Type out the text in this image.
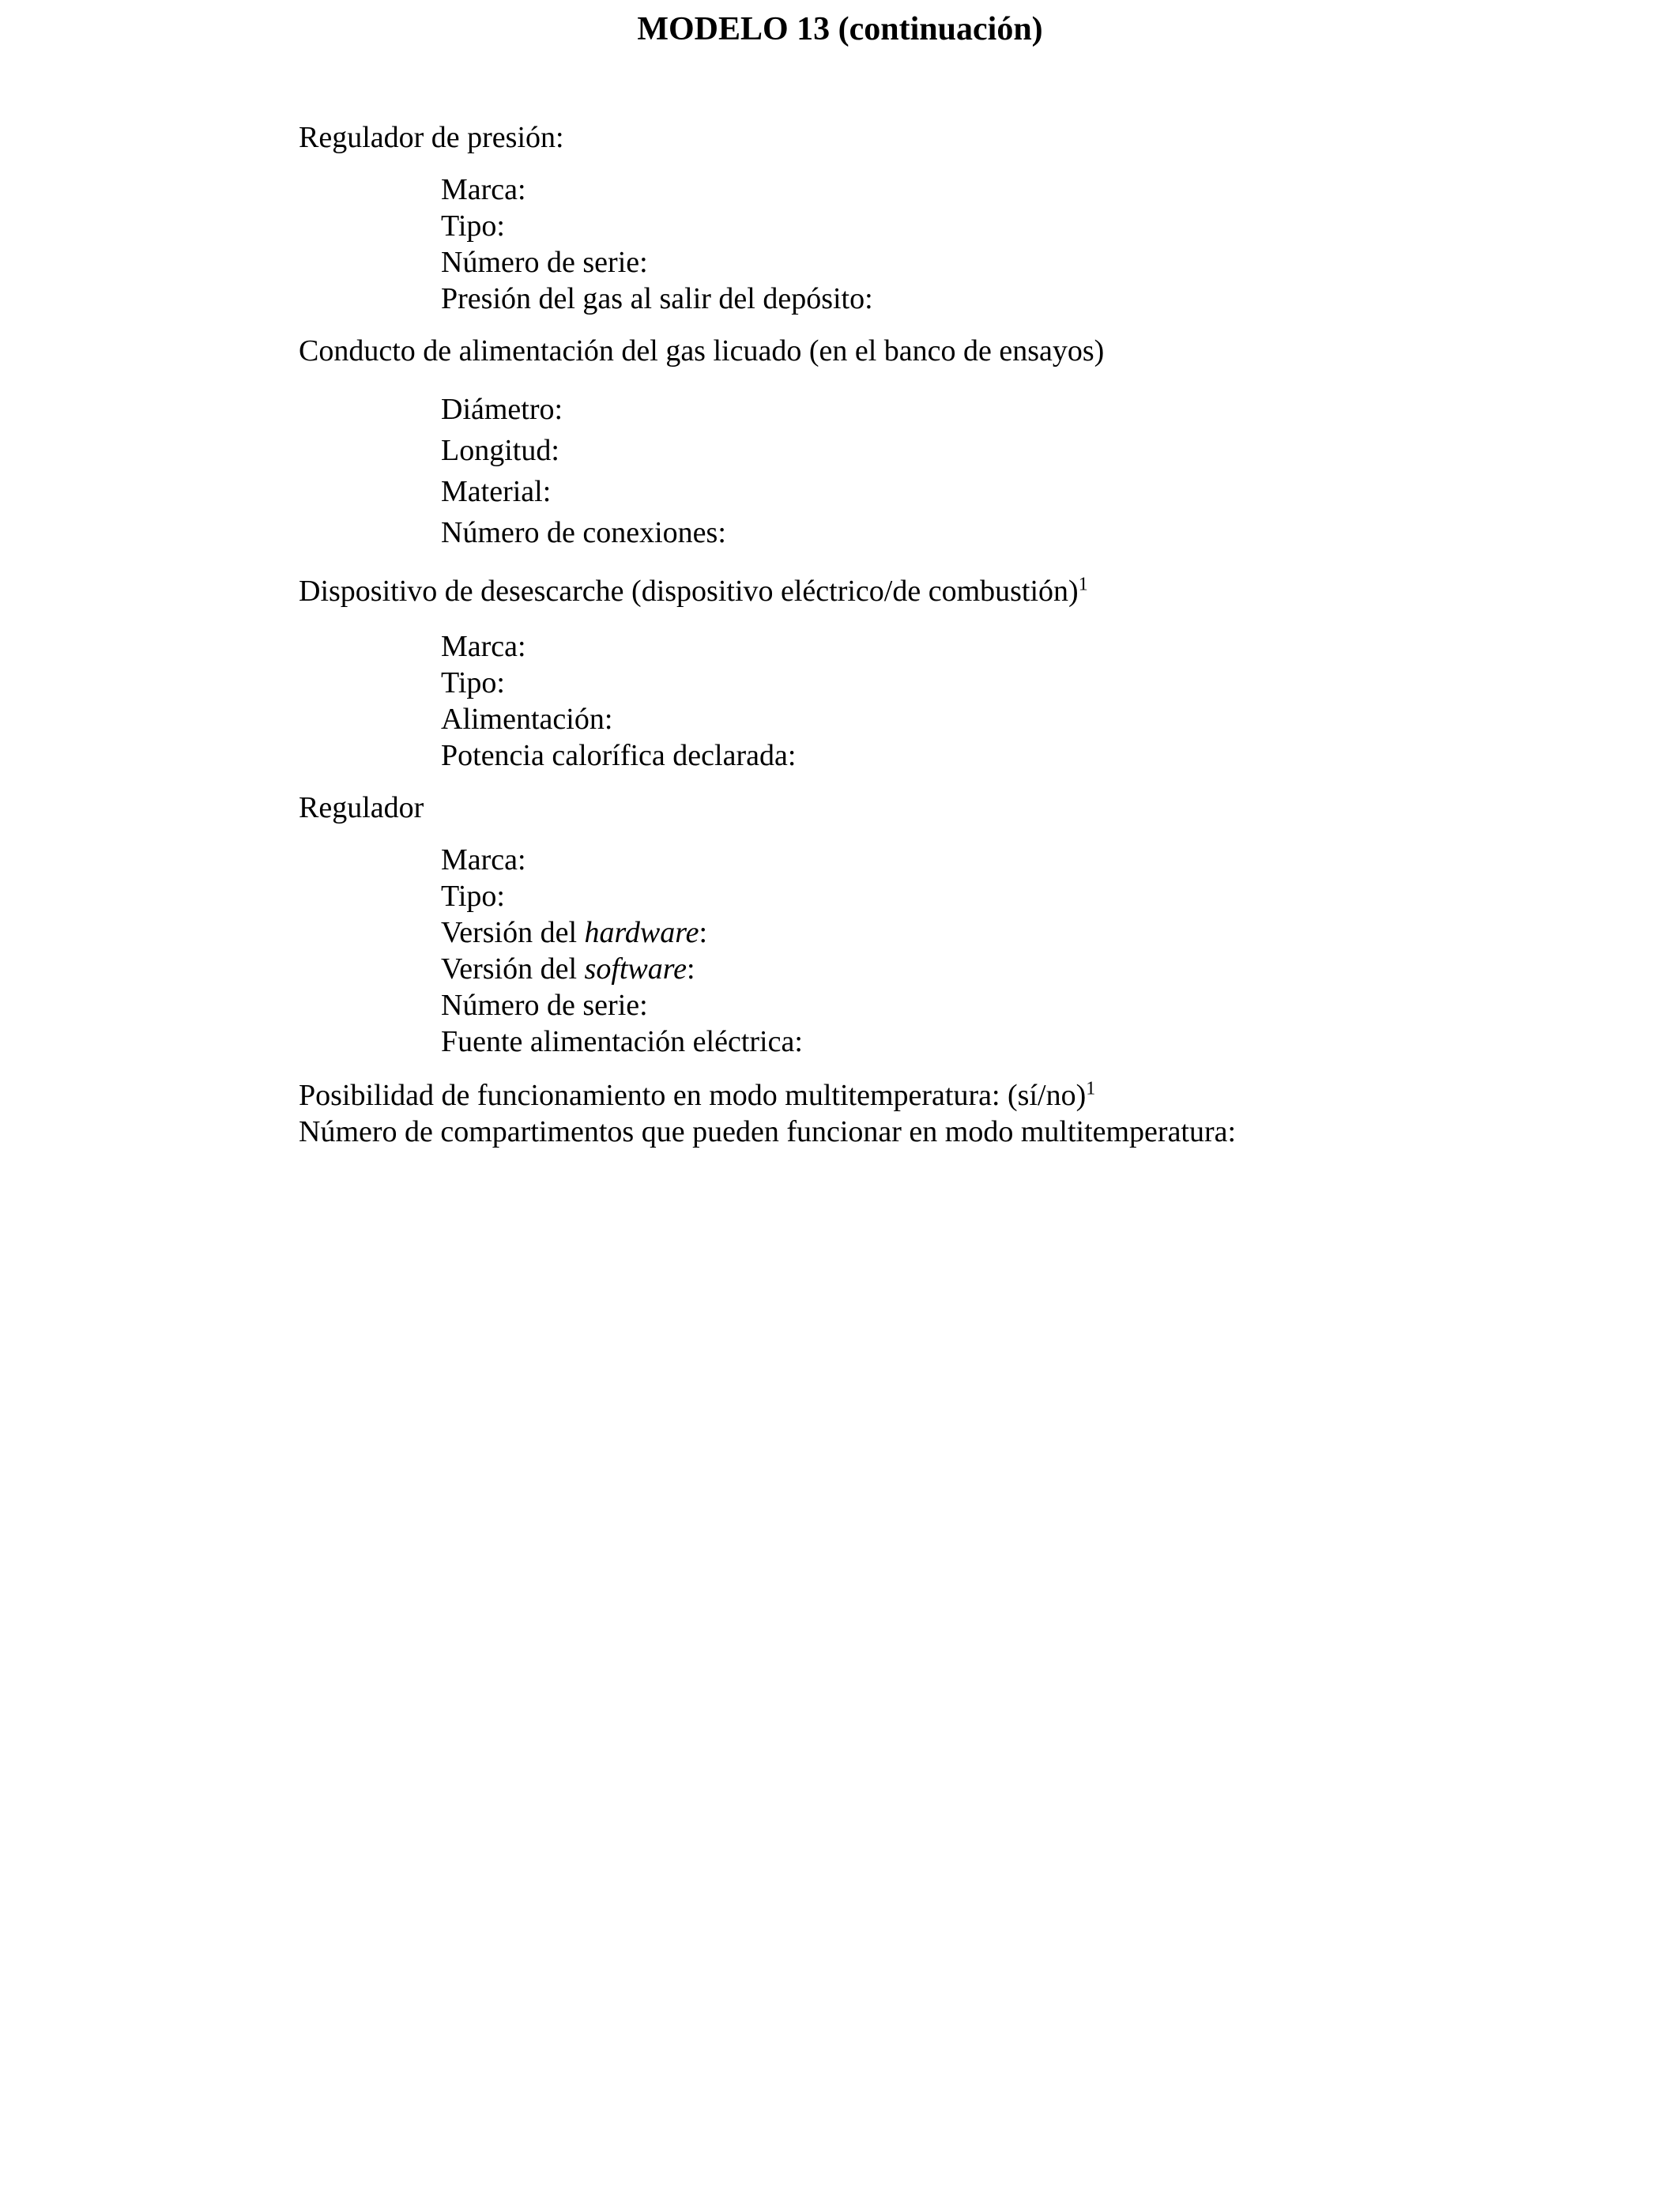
MODELO 13 (continuación)

Regulador de presión:

Marca:

Tipo:

Número de serie:

Presión del gas al salir del depósito:

Conducto de alimentación del gas licuado (en el banco de ensayos)

Diámetro:

Longitud:

Material:

Número de conexiones:

Dispositivo de desescarche (dispositivo eléctrico/de combustión)$^1$

Marca:

Tipo:

Alimentación:

Potencia calorífica declarada:

Regulador

Marca:

Tipo:

Versión del hardware:

Versión del software:

Número de serie:

Fuente alimentación eléctrica:

Posibilidad de funcionamiento en modo multitemperatura: (sí/no)$^1$

Número de compartimentos que pueden funcionar en modo multitemperatura:
